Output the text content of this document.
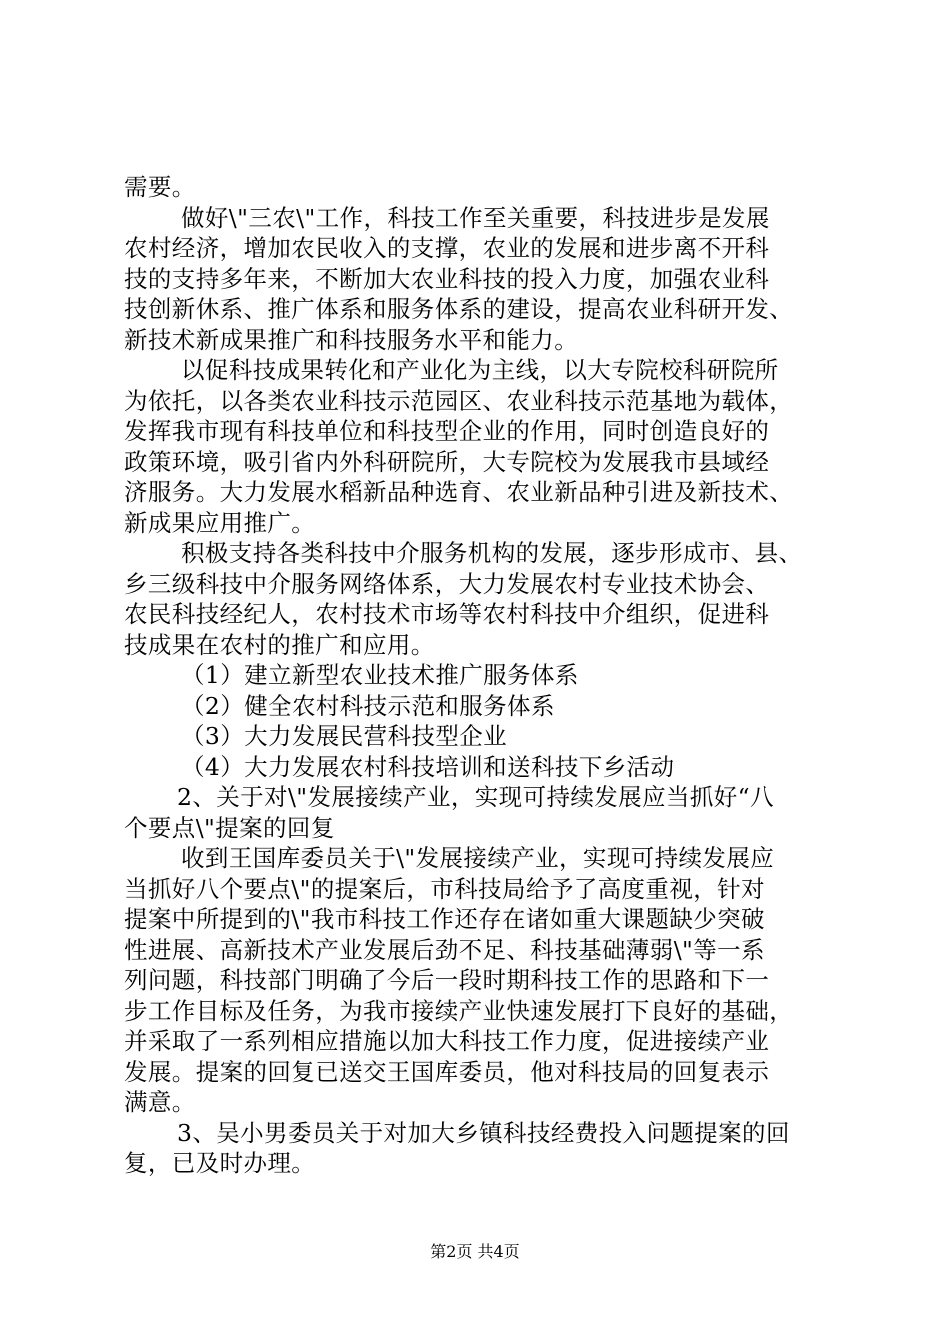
需要。
做好\"三农\"工作，科技工作至关重要，科技进步是发展
农村经济，增加农民收入的支撑，农业的发展和进步离不开科
技的支持多年来，不断加大农业科技的投入力度，加强农业科
技创新休系、推广体系和服务体系的建设，提高农业科研开发、
新技术新成果推广和科技服务水平和能力。
以促科技成果转化和产业化为主线，以大专院校科研院所
为依托，以各类农业科技示范园区、农业科技示范基地为载体，
发挥我市现有科技单位和科技型企业的作用，同时创造良好的
政策环境，吸引省内外科研院所，大专院校为发展我市县域经
济服务。大力发展水稻新品种选育、农业新品种引进及新技术、
新成果应用推广。
积极支持各类科技中介服务机构的发展，逐步形成市、县、
乡三级科技中介服务网络体系，大力发展农村专业技术协会、
农民科技经纪人，农村技术市场等农村科技中介组织，促进科
技成果在农村的推广和应用。
（1）建立新型农业技术推广服务体系
（2）健全农村科技示范和服务体系
（3）大力发展民营科技型企业
（4）大力发展农村科技培训和送科技下乡活动
2、关于对\"发展接续产业，实现可持续发展应当抓好“八
个要点\"提案的回复
收到王国库委员关于\"发展接续产业，实现可持续发展应
当抓好八个要点\"的提案后，市科技局给予了高度重视，针对
提案中所提到的\"我市科技工作还存在诸如重大课题缺少突破
性进展、高新技术产业发展后劲不足、科技基础薄弱\"等一系
列问题，科技部门明确了今后一段时期科技工作的思路和下一
步工作目标及任务，为我市接续产业快速发展打下良好的基础，
并采取了一系列相应措施以加大科技工作力度，促进接续产业
发展。提案的回复已送交王国库委员，他对科技局的回复表示
满意。
3、吴小男委员关于对加大乡镇科技经费投入问题提案的回
复，已及时办理。
第2页 共4页
